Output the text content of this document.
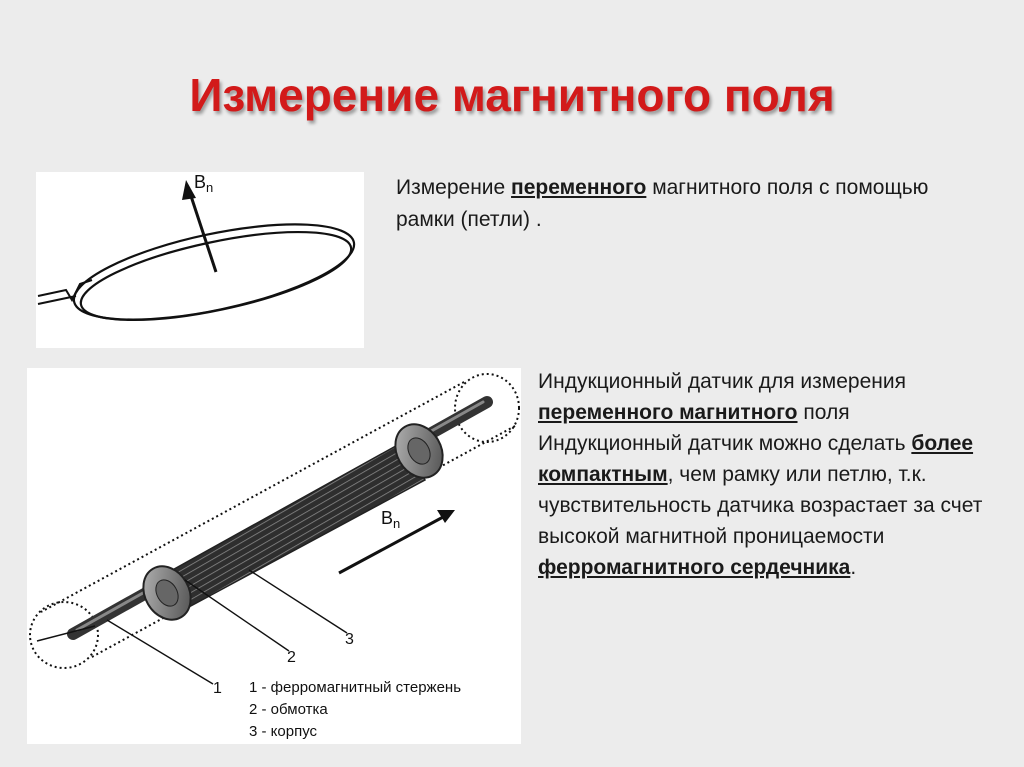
Измерение магнитного поля
$B_n$	Измерение переменного магнитного поля с помощью рамки (петли) .
$B_n$
1
2
3
1 - ферромагнитный стержень
2 - обмотка
3 - корпус

Индукционный датчик для измерения переменного магнитного поля

Индукционный датчик можно сделать более компактным, чем рамку или петлю, т.к. чувствительность датчика возрастает за счет высокой магнитной проницаемости ферромагнитного сердечника.
